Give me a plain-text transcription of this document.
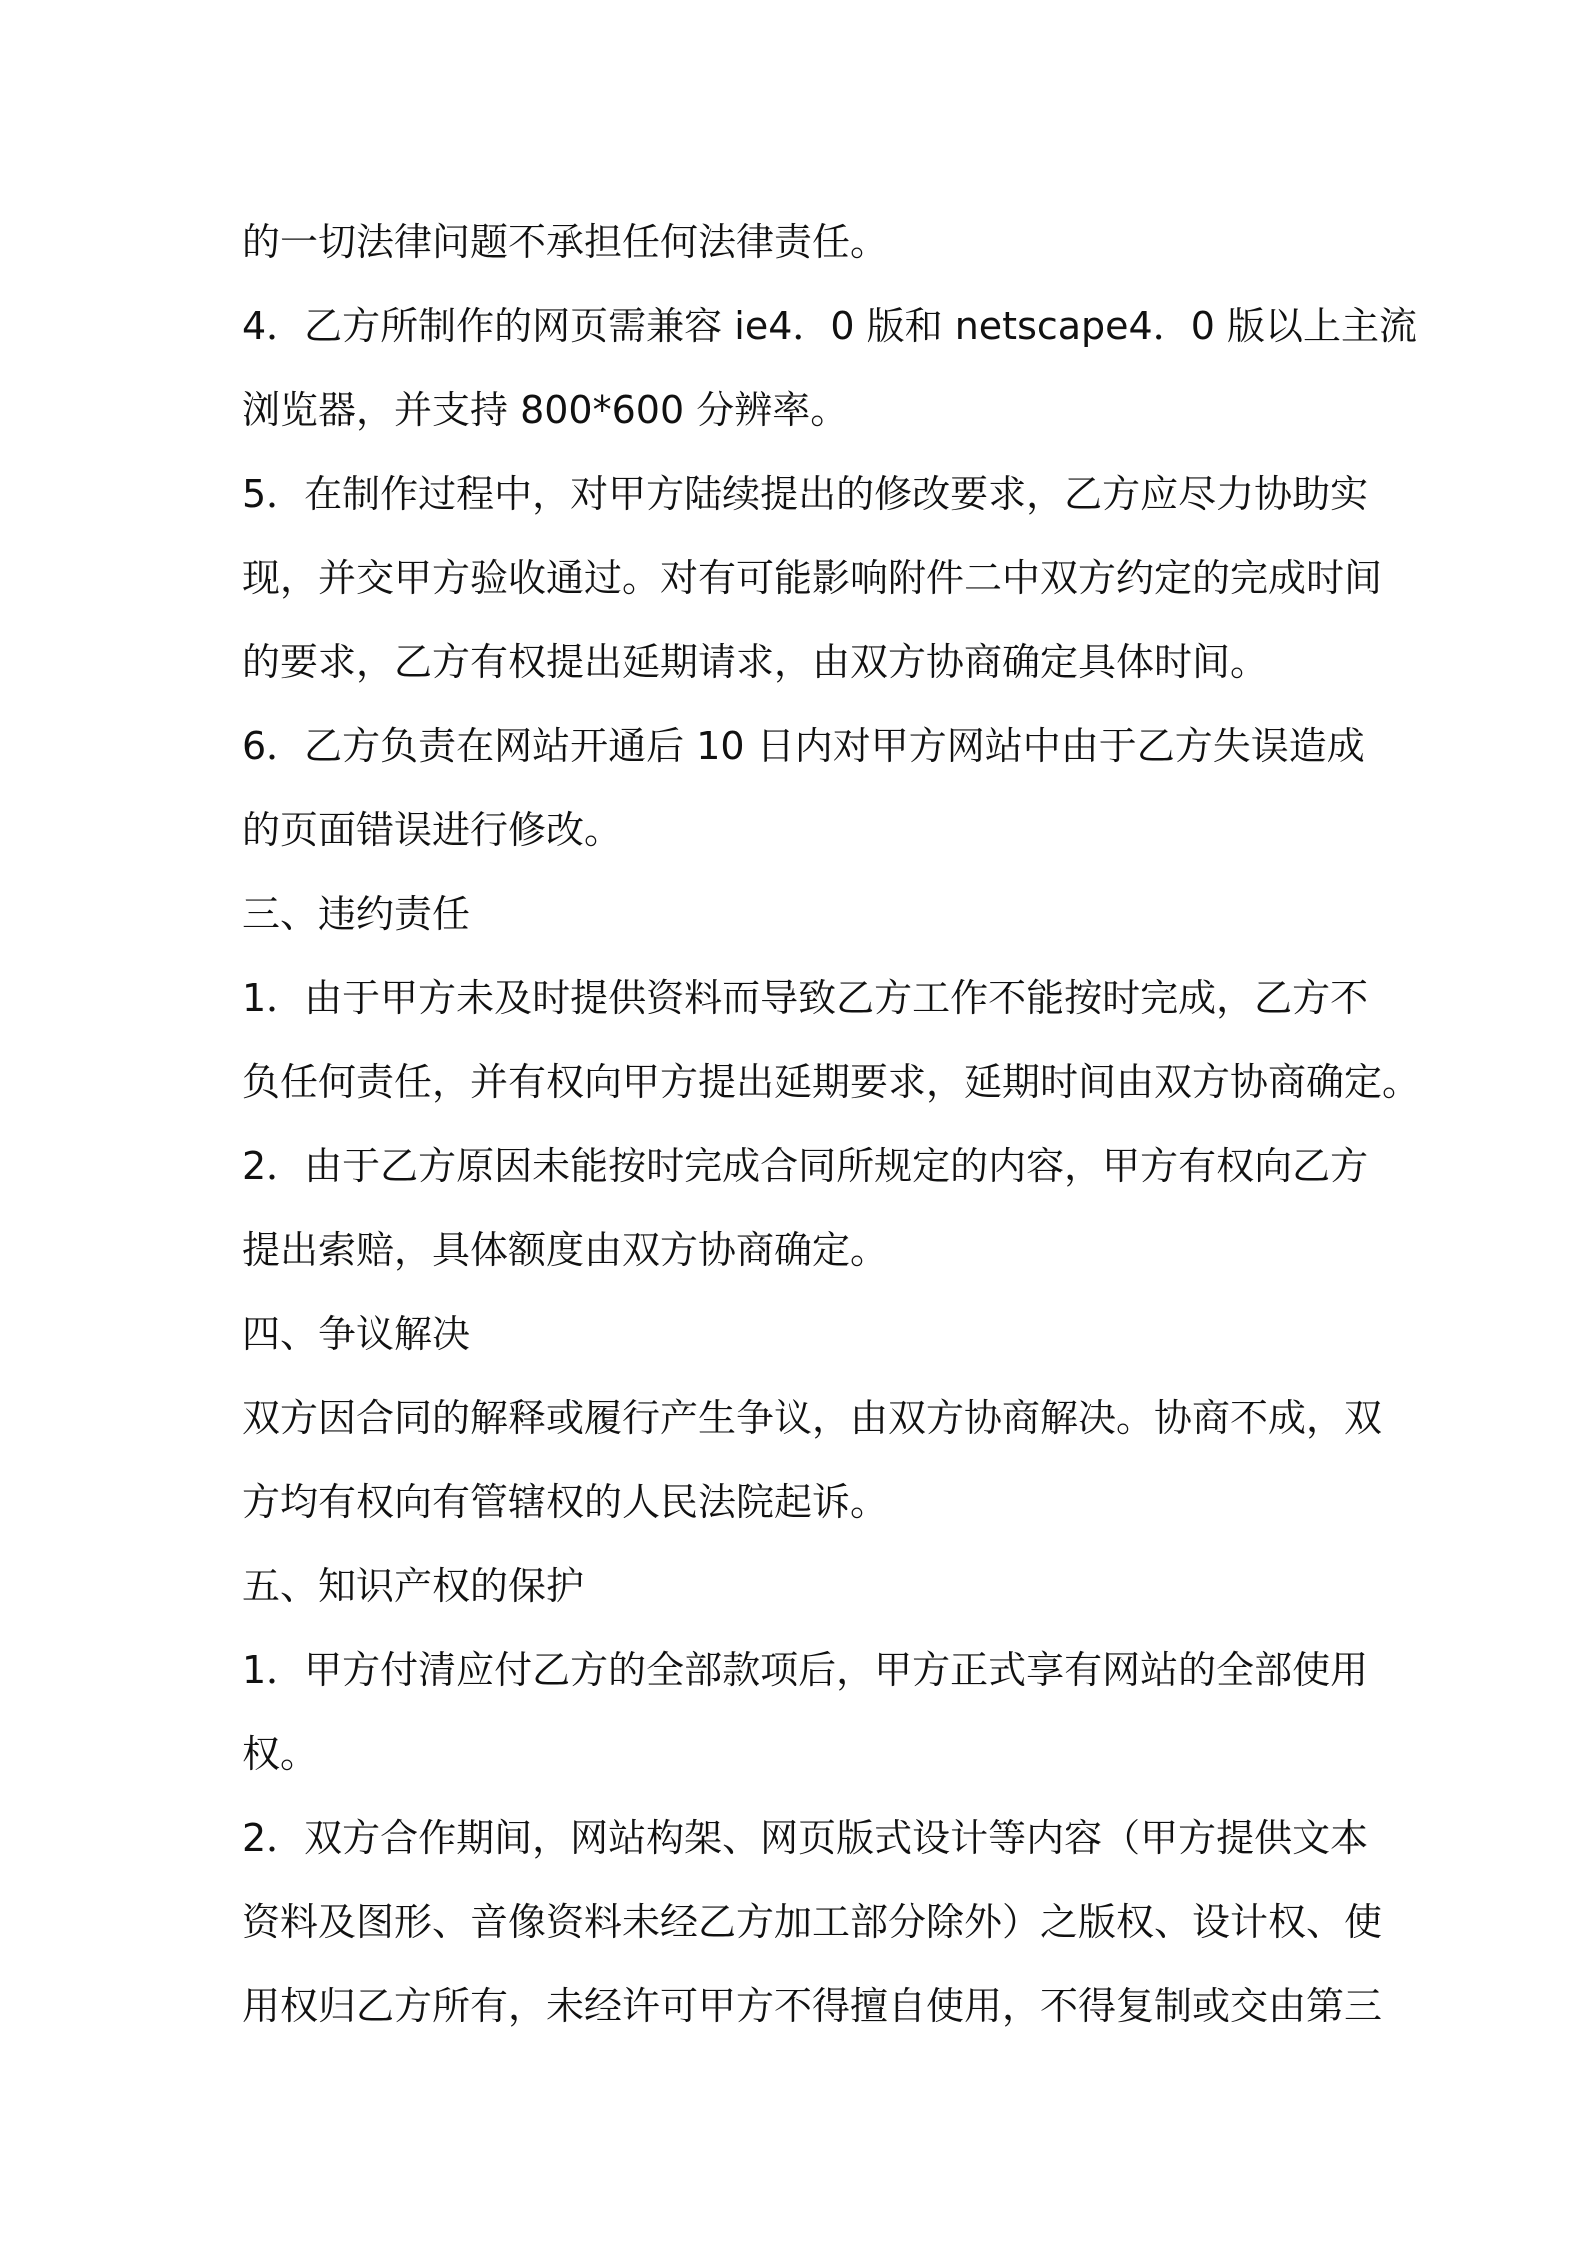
的一切法律问题不承担任何法律责任。
4．乙方所制作的网页需兼容 ie4．0 版和 netscape4．0 版以上主流
浏览器，并支持 800*600 分辨率。
5．在制作过程中，对甲方陆续提出的修改要求，乙方应尽力协助实
现，并交甲方验收通过。对有可能影响附件二中双方约定的完成时间
的要求，乙方有权提出延期请求，由双方协商确定具体时间。
6．乙方负责在网站开通后 10 日内对甲方网站中由于乙方失误造成
的页面错误进行修改。
三、违约责任
1．由于甲方未及时提供资料而导致乙方工作不能按时完成，乙方不
负任何责任，并有权向甲方提出延期要求，延期时间由双方协商确定。
2．由于乙方原因未能按时完成合同所规定的内容，甲方有权向乙方
提出索赔，具体额度由双方协商确定。
四、争议解决
双方因合同的解释或履行产生争议，由双方协商解决。协商不成，双
方均有权向有管辖权的人民法院起诉。
五、知识产权的保护
1．甲方付清应付乙方的全部款项后，甲方正式享有网站的全部使用
权。
2．双方合作期间，网站构架、网页版式设计等内容（甲方提供文本
资料及图形、音像资料未经乙方加工部分除外）之版权、设计权、使
用权归乙方所有，未经许可甲方不得擅自使用，不得复制或交由第三
